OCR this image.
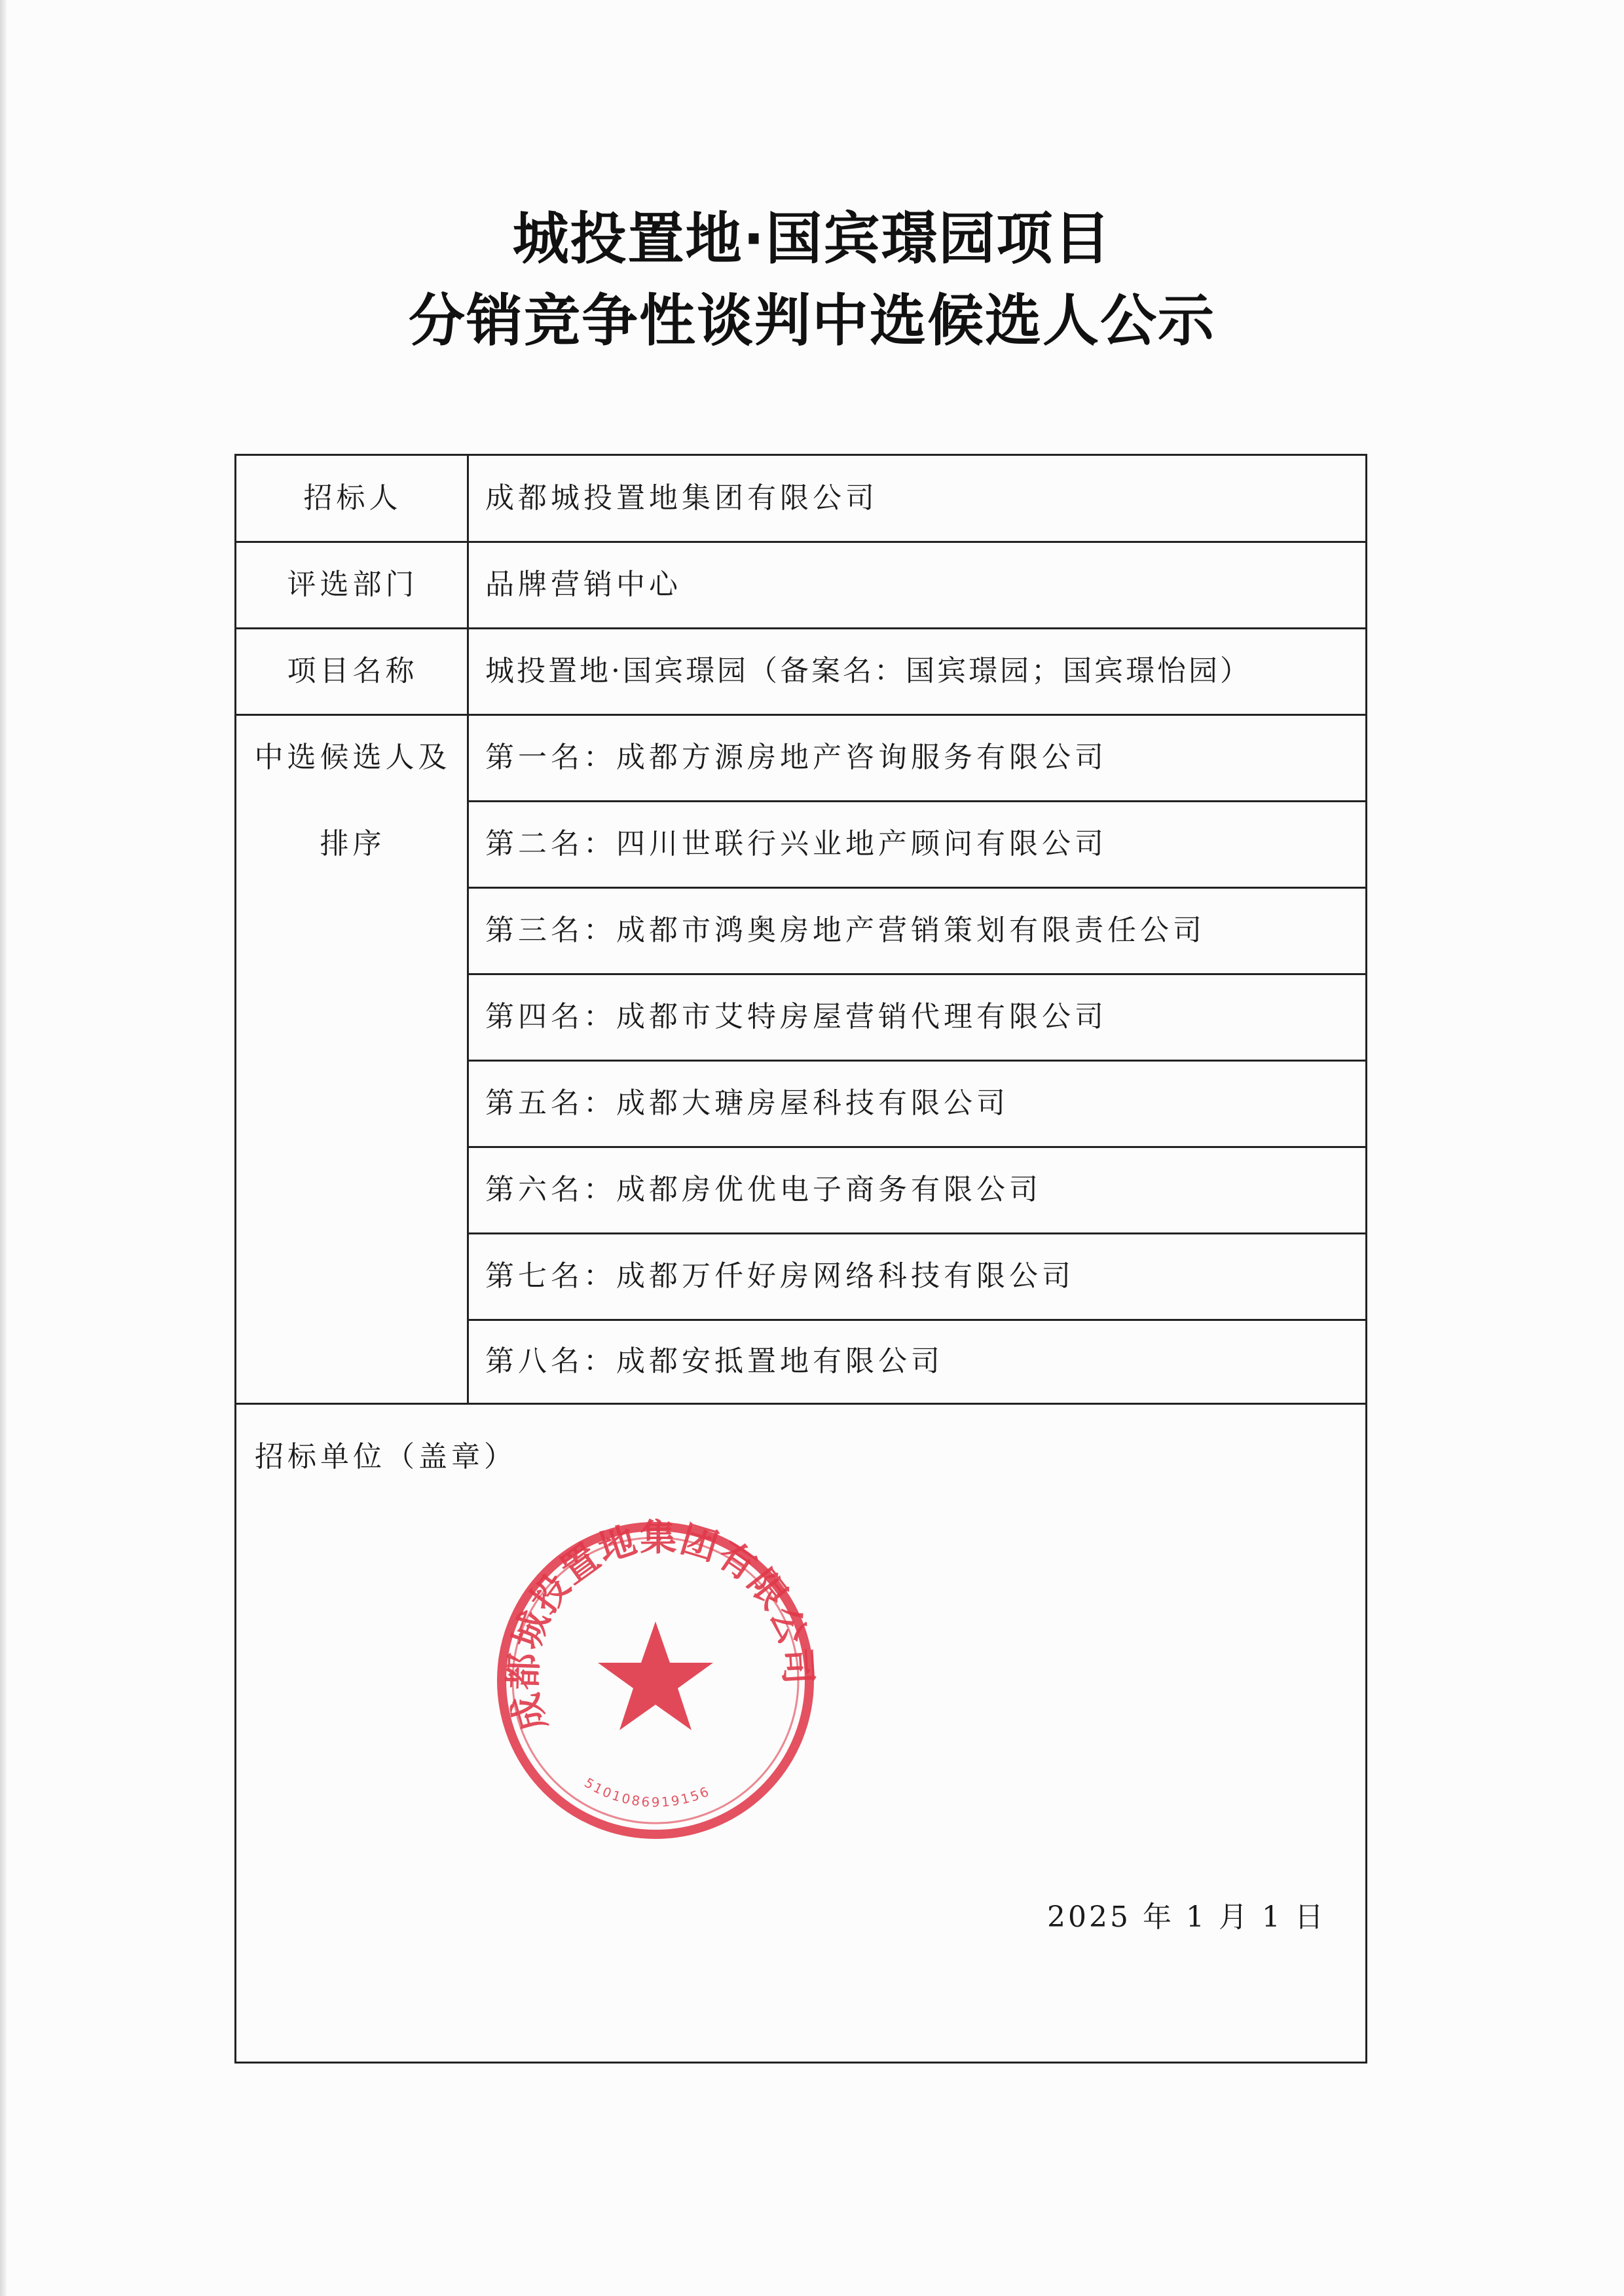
城投置地·国宾璟园项目
分销竞争性谈判中选候选人公示
招标人	成都城投置地集团有限公司
评选部门	品牌营销中心
项目名称	城投置地·国宾璟园（备案名：国宾璟园；国宾璟怡园）
中选候选人及
排序
第一名： 成都方源房地产咨询服务有限公司
第二名： 四川世联行兴业地产顾问有限公司
第三名： 成都市鸿奥房地产营销策划有限责任公司
第四名： 成都市艾特房屋营销代理有限公司
第五名： 成都大瑭房屋科技有限公司
第六名： 成都房优优电子商务有限公司
第七名： 成都万仟好房网络科技有限公司
第八名： 成都安抵置地有限公司
招标单位（盖章）
成都城投置地集团有限公司
5101086919156
2025 年 1 月 1 日
